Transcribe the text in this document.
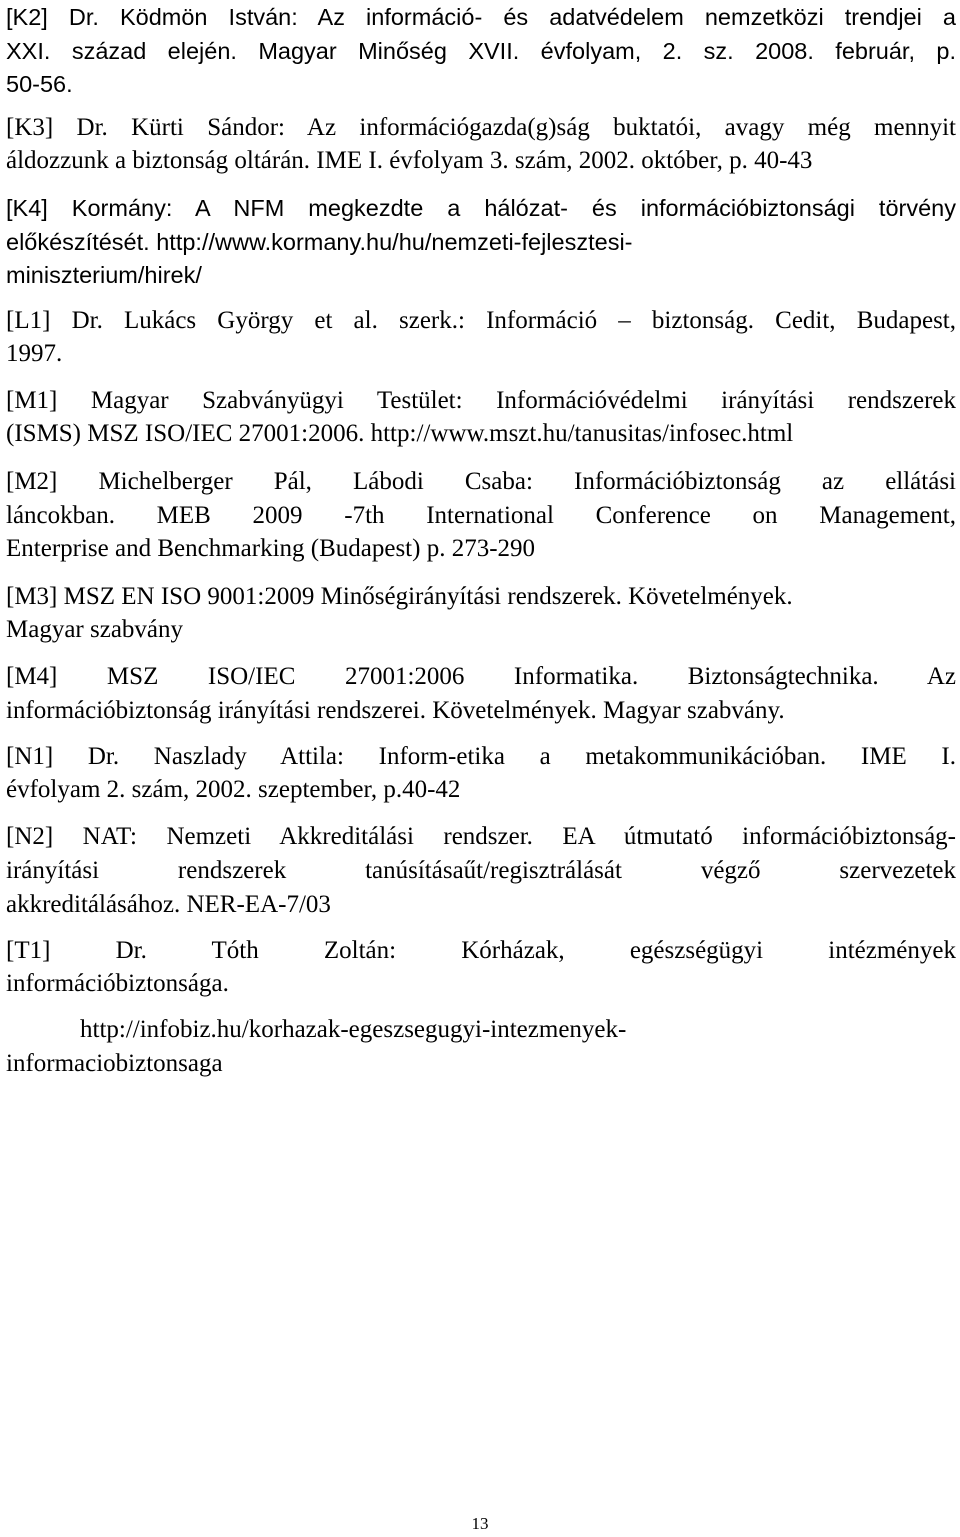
[K2] Dr. Ködmön István: Az információ- és adatvédelem nemzetközi trendjei a
XXI. század elején. Magyar Minőség XVII. évfolyam, 2. sz. 2008. február, p.
50-56.
[K3] Dr. Kürti Sándor: Az információgazda(g)ság buktatói, avagy még mennyit
áldozzunk a biztonság oltárán. IME I. évfolyam 3. szám, 2002. október, p. 40-43
[K4] Kormány: A NFM megkezdte a hálózat- és információbiztonsági törvény
előkészítését. http://www.kormany.hu/hu/nemzeti-fejlesztesi-
miniszterium/hirek/
[L1] Dr. Lukács György et al. szerk.: Információ – biztonság. Cedit, Budapest,
1997.
[M1] Magyar Szabványügyi Testület: Információvédelmi irányítási rendszerek
(ISMS) MSZ ISO/IEC 27001:2006. http://www.mszt.hu/tanusitas/infosec.html
[M2] Michelberger Pál, Lábodi Csaba: Információbiztonság az ellátási
láncokban. MEB 2009 -7th International Conference on Management,
Enterprise and Benchmarking (Budapest) p. 273-290
[M3] MSZ EN ISO 9001:2009 Minőségirányítási rendszerek. Követelmények.
Magyar szabvány
[M4] MSZ ISO/IEC 27001:2006 Informatika. Biztonságtechnika. Az
információbiztonság irányítási rendszerei. Követelmények. Magyar szabvány.
[N1] Dr. Naszlady Attila: Inform-etika a metakommunikációban. IME I.
évfolyam 2. szám, 2002. szeptember, p.40-42
[N2] NAT: Nemzeti Akkreditálási rendszer. EA útmutató információbiztonság-
irányítási rendszerek tanúsításaűt/regisztrálását végző szervezetek
akkreditálásához. NER-EA-7/03
[T1] Dr. Tóth Zoltán: Kórházak, egészségügyi intézmények
információbiztonsága.
http://infobiz.hu/korhazak-egeszsegugyi-intezmenyek-
informaciobiztonsaga
13
